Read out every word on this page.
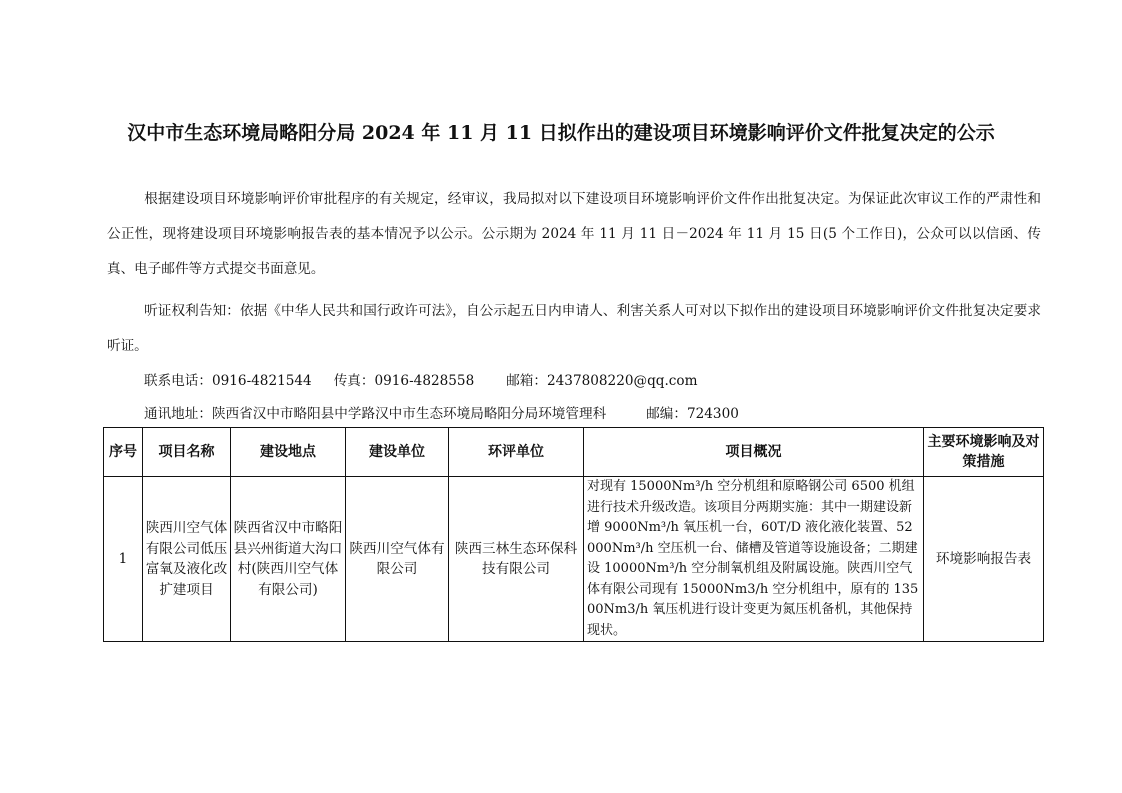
汉中市生态环境局略阳分局 2024 年 11 月 11 日拟作出的建设项目环境影响评价文件批复决定的公示
根据建设项目环境影响评价审批程序的有关规定，经审议，我局拟对以下建设项目环境影响评价文件作出批复决定。为保证此次审议工作的严肃性和公正性，现将建设项目环境影响报告表的基本情况予以公示。公示期为 2024 年 11 月 11 日－2024 年 11 月 15 日(5 个工作日)，公众可以以信函、传真、电子邮件等方式提交书面意见。
听证权利告知：依据《中华人民共和国行政许可法》，自公示起五日内申请人、利害关系人可对以下拟作出的建设项目环境影响评价文件批复决定要求听证。
联系电话：0916-4821544 传真：0916-4828558 邮箱：2437808220@qq.com
通讯地址：陕西省汉中市略阳县中学路汉中市生态环境局略阳分局环境管理科	邮编：724300
序号	项目名称	建设地点	建设单位	环评单位	项目概况	主要环境影响及对策措施
1	陕西川空气体有限公司低压富氧及液化改扩建项目	陕西省汉中市略阳县兴州街道大沟口村(陕西川空气体有限公司)	陕西川空气体有限公司	陕西三林生态环保科技有限公司	对现有 15000Nm³/h 空分机组和原略钢公司 6500 机组进行技术升级改造。该项目分两期实施：其中一期建设新增 9000Nm³/h 氧压机一台，60T/D 液化液化装置、52000Nm³/h 空压机一台、储槽及管道等设施设备；二期建设 10000Nm³/h 空分制氧机组及附属设施。陕西川空气体有限公司现有 15000Nm3/h 空分机组中，原有的 13500Nm3/h 氧压机进行设计变更为氮压机备机，其他保持现状。	环境影响报告表
